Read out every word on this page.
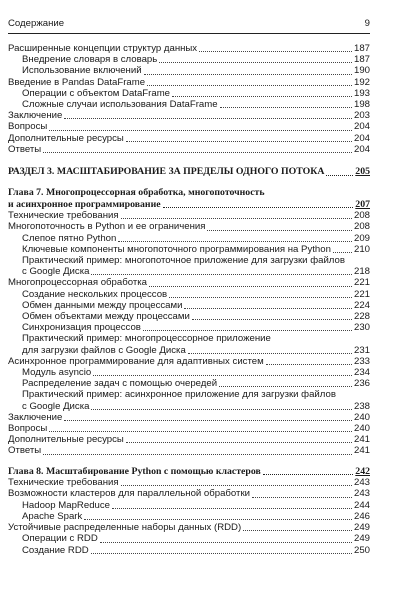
Содержание	9
Расширенные концепции структур данных	187
Внедрение словаря в словарь	187
Использование включений	190
Введение в Pandas DataFrame	192
Операции с объектом DataFrame	193
Сложные случаи использования DataFrame	198
Заключение	203
Вопросы	204
Дополнительные ресурсы	204
Ответы	204
РАЗДЕЛ 3. МАСШТАБИРОВАНИЕ ЗА ПРЕДЕЛЫ ОДНОГО ПОТОКА	205
Глава 7. Многопроцессорная обработка, многопоточность
и асинхронное программирование	207
Технические требования	208
Многопоточность в Python и ее ограничения	208
Слепое пятно Python	209
Ключевые компоненты многопоточного программирования на Python 210
Практический пример: многопоточное приложение для загрузки файлов
с Google Диска	218
Многопроцессорная обработка	221
Создание нескольких процессов	221
Обмен данными между процессами	224
Обмен объектами между процессами	228
Синхронизация процессов	230
Практический пример: многопроцессорное приложение
для загрузки файлов с Google Диска	231
Асинхронное программирование для адаптивных систем	233
Модуль asyncio	234
Распределение задач с помощью очередей	236
Практический пример: асинхронное приложение для загрузки файлов
с Google Диска	238
Заключение	240
Вопросы	240
Дополнительные ресурсы	241
Ответы	241
Глава 8. Масштабирование Python с помощью кластеров	242
Технические требования	243
Возможности кластеров для параллельной обработки	243
Hadoop MapReduce	244
Apache Spark	246
Устойчивые распределенные наборы данных (RDD)	249
Операции с RDD	249
Создание RDD	250
